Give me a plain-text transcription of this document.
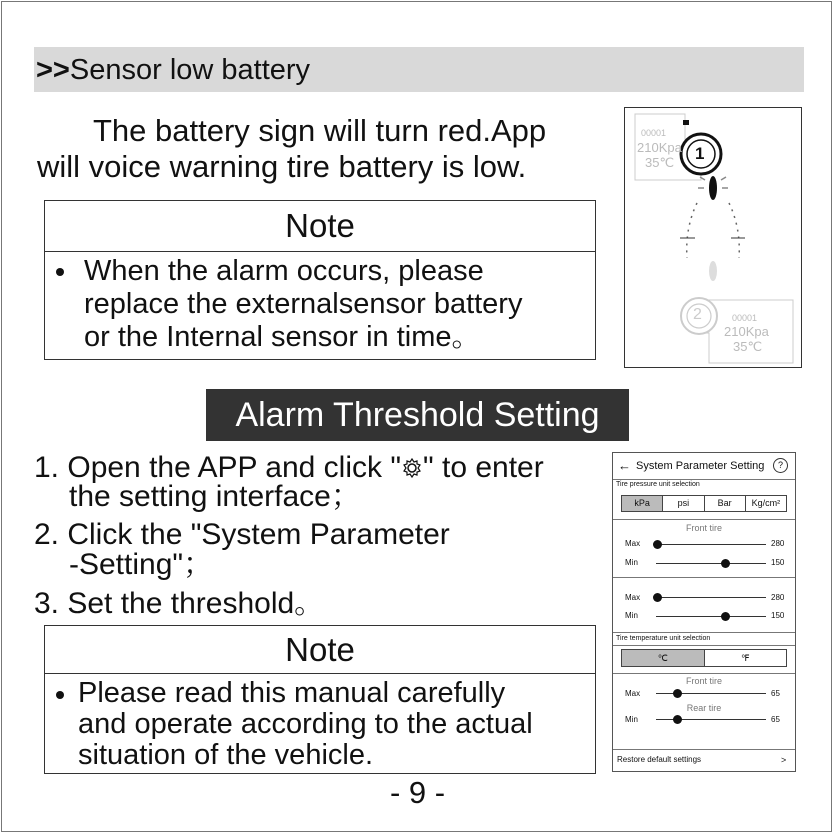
>>Sensor low battery
The battery sign will turn red.App
will voice warning tire battery is low.
Note
When the alarm occurs, please
replace the externalsensor battery
or the Internal sensor in time。
00001
210Kpa
35℃ 1
2	00001
210Kpa
35℃
Alarm Threshold Setting
1. Open the APP and click " " to enter
the setting interface；
2. Click the "System Parameter
-Setting"；
3. Set the threshold。
Note
Please read this manual carefully
and operate according to the actual
situation of the vehicle.
- 9 -
← System Parameter Setting	?
Tire pressure unit selection
kPa	psi	Bar	Kg/cm²
Front tire
Max	280
Min	150
Max	280
Min	150
Tire temperature unit selection
℃	℉
Front tire
Max	65
Rear tire
Min	65
Restore default settings	>
